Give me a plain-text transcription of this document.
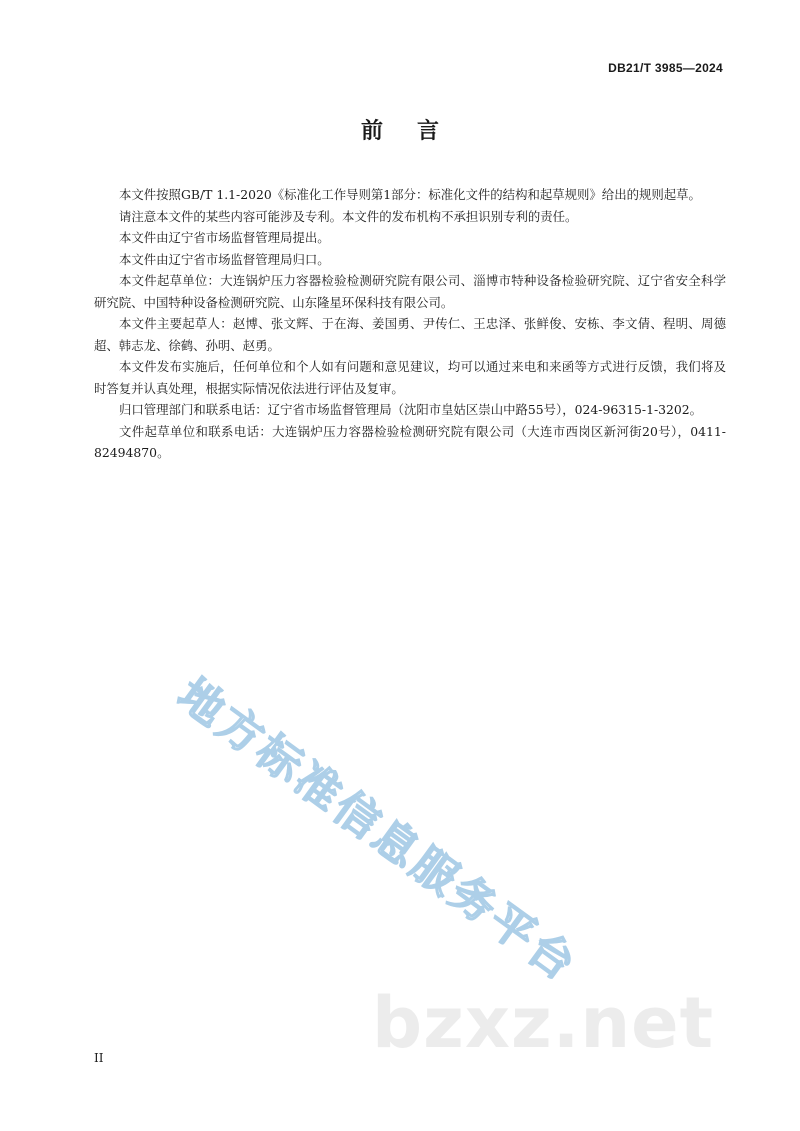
DB21/T 3985—2024
前言

本文件按照GB/T 1.1-2020《标准化工作导则第1部分：标准化文件的结构和起草规则》给出的规则起草。

请注意本文件的某些内容可能涉及专利。本文件的发布机构不承担识别专利的责任。

本文件由辽宁省市场监督管理局提出。

本文件由辽宁省市场监督管理局归口。

本文件起草单位：大连锅炉压力容器检验检测研究院有限公司、淄博市特种设备检验研究院、辽宁省安全科学研究院、中国特种设备检测研究院、山东隆星环保科技有限公司。

本文件主要起草人：赵博、张文辉、于在海、姜国勇、尹传仁、王忠泽、张鲜俊、安栋、李文倩、程明、周德超、韩志龙、徐鹤、孙明、赵勇。

本文件发布实施后，任何单位和个人如有问题和意见建议，均可以通过来电和来函等方式进行反馈，我们将及时答复并认真处理，根据实际情况依法进行评估及复审。

归口管理部门和联系电话：辽宁省市场监督管理局（沈阳市皇姑区崇山中路55号），024-96315-1-3202。

文件起草单位和联系电话：大连锅炉压力容器检验检测研究院有限公司（大连市西岗区新河街20号），0411-82494870。

地方标准信息服务平台
bzxz.net
II
